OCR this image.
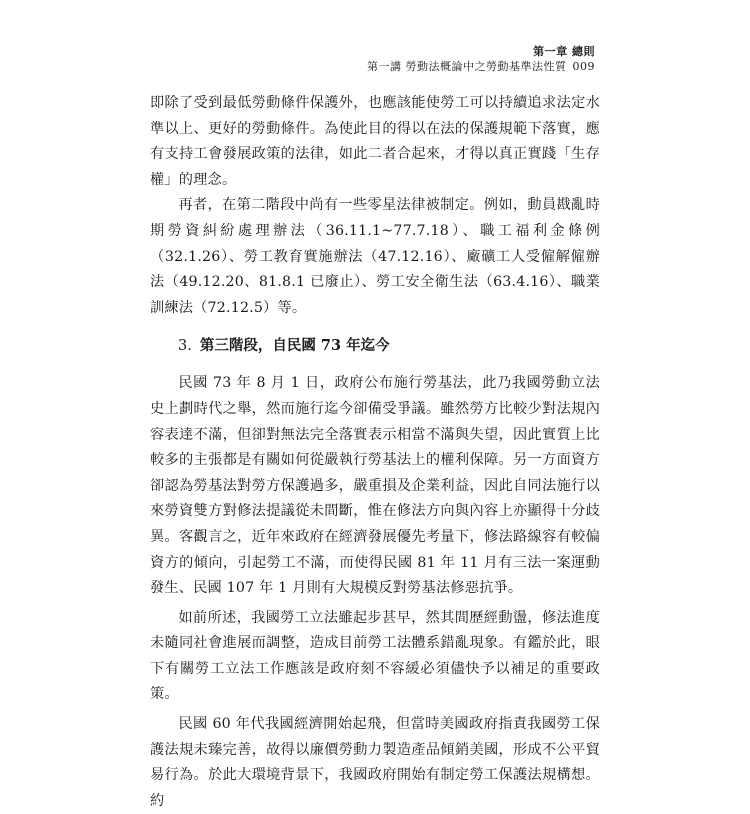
第一章 總則
第一講 勞動法概論中之勞動基準法性質 009

即除了受到最低勞動條件保護外，也應該能使勞工可以持續追求法定水準以上、更好的勞動條件。為使此目的得以在法的保護規範下落實，應有支持工會發展政策的法律，如此二者合起來，才得以真正實踐「生存權」的理念。

再者，在第二階段中尚有一些零星法律被制定。例如，動員戡亂時期勞資糾紛處理辦法（36.11.1~77.7.18）、職工福利金條例（32.1.26）、勞工教育實施辦法（47.12.16）、廠礦工人受僱解僱辦法（49.12.20、81.8.1 已廢止）、勞工安全衛生法（63.4.16）、職業訓練法（72.12.5）等。

3. 第三階段，自民國 73 年迄今

民國 73 年 8 月 1 日，政府公布施行勞基法，此乃我國勞動立法史上劃時代之舉，然而施行迄今卻備受爭議。雖然勞方比較少對法規內容表達不滿，但卻對無法完全落實表示相當不滿與失望，因此實質上比較多的主張都是有關如何從嚴執行勞基法上的權利保障。另一方面資方卻認為勞基法對勞方保護過多，嚴重損及企業利益，因此自同法施行以來勞資雙方對修法提議從未間斷，惟在修法方向與內容上亦顯得十分歧異。客觀言之，近年來政府在經濟發展優先考量下，修法路線容有較偏資方的傾向，引起勞工不滿，而使得民國 81 年 11 月有三法一案運動發生、民國 107 年 1 月則有大規模反對勞基法修惡抗爭。

如前所述，我國勞工立法雖起步甚早，然其間歷經動盪，修法進度未隨同社會進展而調整，造成目前勞工法體系錯亂現象。有鑑於此，眼下有關勞工立法工作應該是政府刻不容緩必須儘快予以補足的重要政策。

民國 60 年代我國經濟開始起飛，但當時美國政府指責我國勞工保護法規未臻完善，故得以廉價勞動力製造產品傾銷美國，形成不公平貿易行為。於此大環境背景下，我國政府開始有制定勞工保護法規構想。約
